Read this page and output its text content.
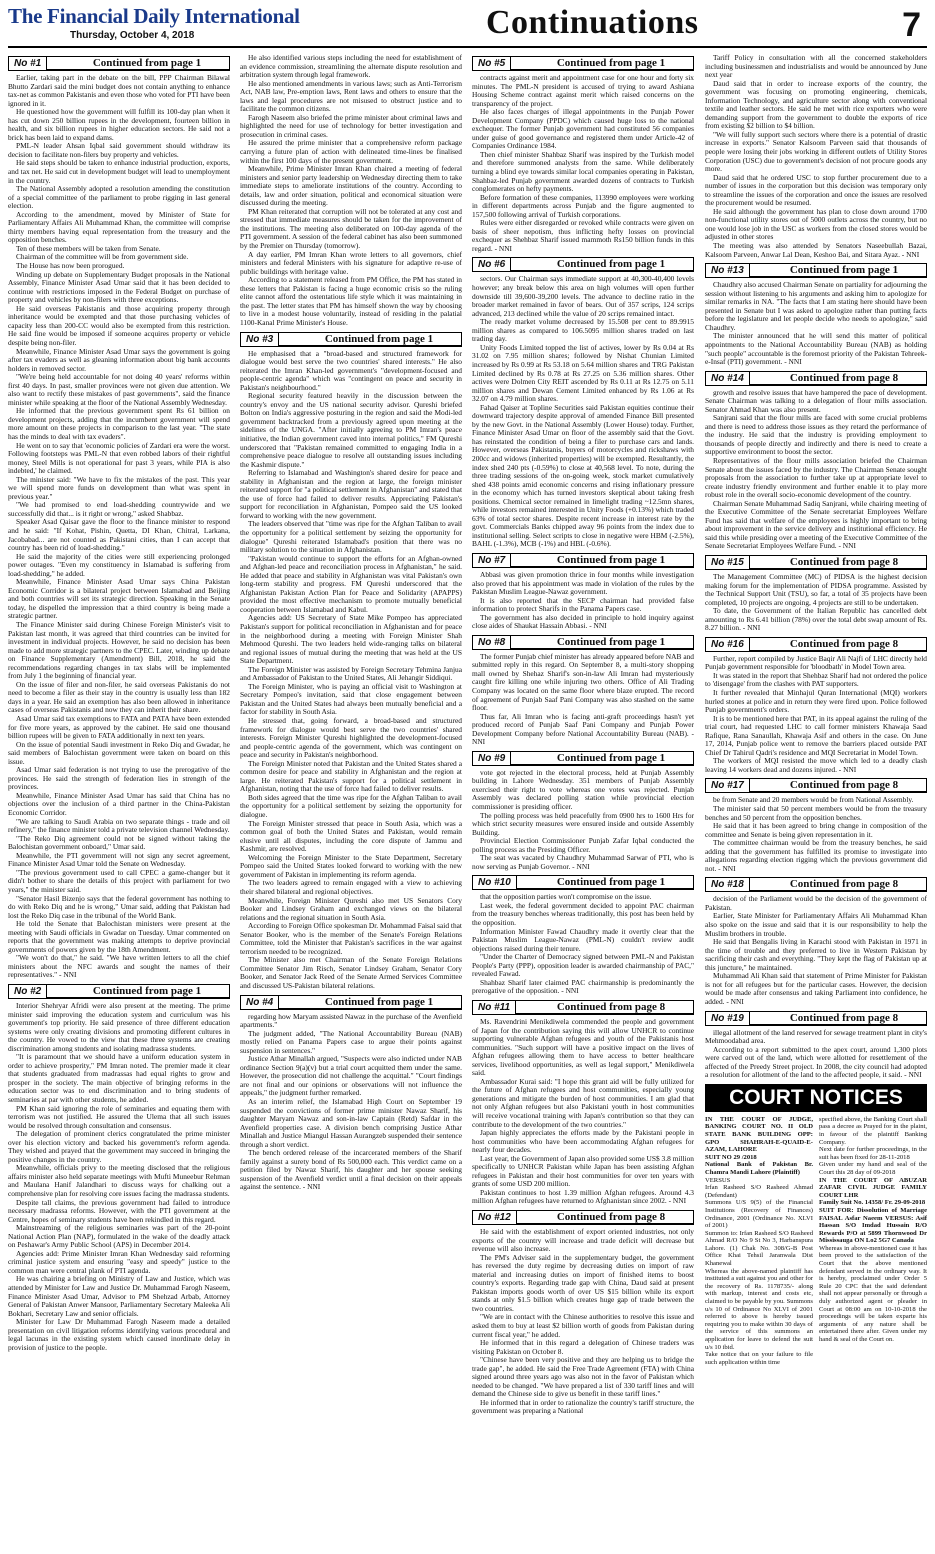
The Financial Daily International
Thursday, October 4, 2018	Continuations	7
No #1	Continued from page 1

Earlier, taking part in the debate on the bill, PPP Chairman Bilawal Bhutto Zardari said the mini budget does not contain anything to enhance tax-net as common Pakistanis and even those who voted for PTI have been ignored in it.

He questioned how the government will fulfill its 100-day plan when it has cut down 250 billion rupees in the development, fourteen billion in health, and six billion rupees in higher education sectors. He said not a brick has been laid to expand dams.

PML-N leader Ahsan Iqbal said government should withdraw its decision to facilitate non-filers buy property and vehicles.

He said steps should be taken to enhance industrial production, exports, and tax net. He said cut in development budget will lead to unemployment in the country.

The National Assembly adopted a resolution amending the constitution of a special committee of the parliament to probe rigging in last general election.

According to the amendment, moved by Minister of State for Parliamentary Affairs Ali Muhammad Khan, the committee will comprise thirty members having equal representation from the treasury and the opposition benches.

Ten of these members will be taken from Senate.

Chairman of the committee will be from government side.

The House has now been prorogued.

Winding up debate on Supplementary Budget proposals in the National Assembly, Finance Minister Asad Umar said that it has been decided to continue with restrictions imposed in the Federal Budget on purchase of property and vehicles by non-filers with three exceptions.

He said overseas Pakistanis and those acquiring property through inheritance would be exempted and that those purchasing vehicles of capacity less than 200-CC would also be exempted from this restriction. He said fine would be imposed if someone acquires property or vehicle despite being non-filer.

Meanwhile, Finance Minister Asad Umar says the government is going after tax evaders as well as gleaning information about big bank accounts holders in removed sector.

"We're being held accountable for not doing 40 years' reforms within first 40 days. In past, smaller provinces were not given due attention. We also want to rectify these mistakes of past governments", said the finance minister while speaking at the floor of the National Assembly Wednesday.

He informed that the previous government spent Rs 61 billion on development projects, adding that the incumbent government will spend more amount on these projects in comparison to the last year. "The state has the minds to deal with tax evaders".

He went on to say that 'economic policies of Zardari era were the worst. Following footsteps was PML-N that even robbed labors of their rightful money, Steel Mills is not operational for past 3 years, while PIA is also indebted,' he claimed.

The minister said: "We have to fix the mistakes of the past. This year we will spend more funds on development than what was spent in previous year."

"We had promised to end load-shedding countrywide and we successfully did that... is it right or wrong," asked Shabbaz.

Speaker Asad Qaisar gave the floor to the finance minister to respond and he said: "If Kohat, Pishin, Quetta, DI Khan, Chitral, Larkana, Jacobabad... are not counted as Pakistani cities, than I can accept that country has been rid of load-shedding."

He said the majority of the cities were still experiencing prolonged power outages. "Even my constituency in Islamabad is suffering from load-shedding," he added.

Meanwhile, Finance Minister Asad Umar says China Pakistan Economic Corridor is a bilateral project between Islamabad and Beijing and both countries will set its strategic direction. Speaking in the Senate today, he dispelled the impression that a third country is being made a strategic partner.

The Finance Minister said during Chinese Foreign Minister's visit to Pakistan last month, it was agreed that third countries can be invited for investment in individual projects. However, he said no decision has been made to add more strategic partners to the CPEC. Later, winding up debate on Finance Supplementary (Amendment) Bill, 2018, he said the recommendations regarding changes in tax slabs will be implemented from July 1 the beginning of financial year.

On the issue of filer and non-filer, he said overseas Pakistanis do not need to become a filer as their stay in the country is usually less than 182 days in a year. He said an exemption has also been allowed in inheritance cases of overseas Pakistanis and now they can inherit their share.

Asad Umar said tax exemptions to FATA and PATA have been extended for five more years, as approved by the cabinet. He said one thousand billion rupees will be given to FATA additionally in next ten years.

On the issue of potential Saudi investment in Reko Diq and Gwadar, he said members of Balochistan government were taken on board on this issue.

Asad Umar said federation is not trying to use the prerogative of the provinces. He said the strength of federation lies in strength of the provinces.

Meanwhile, Finance Minister Asad Umar has said that China has no objections over the inclusion of a third partner in the China-Pakistan Economic Corridor.

"We are talking to Saudi Arabia on two separate things - trade and oil refinery," the finance minister told a private television channel Wednesday.

"The Reko Diq agreement could not be signed without taking the Balochistan government onboard," Umar said.

Meanwhile, the PTI government will not sign any secret agreement, Finance Minister Asad Umar told the Senate on Wednesday.

"The previous government used to call CPEC a game-changer but it didn't bother to share the details of this project with parliament for two years," the minister said.

"Senator Hasil Bizenjo says that the federal government has nothing to do with Reko Diq and he is wrong," Umar said, adding that Pakistan had lost the Reko Diq case in the tribunal of the World Bank.

He told the Senate that Balochistan ministers were present at the meeting with Saudi officials in Gwadar on Tuesday. Umar commented on reports that the government was making attempts to deprive provincial governments of powers given by the 18th Amendment.

"We won't do that," he said. "We have written letters to all the chief ministers about the NFC awards and sought the names of their representatives." - NNI

No #2	Continued from page 1

Interior Shehryar Afridi were also present at the meeting. The prime minister said improving the education system and curriculum was his government's top priority. He said presence of three different education systems were only creating divisions and promoting different cultures in the country. He vowed to the view that these three systems are creating discrimination among students and isolating madrassa students.

"It is paramount that we should have a uniform education system in order to achieve prosperity," PM Imran noted. The premier made it clear that students graduated from madrassas had equal rights to grow and prosper in the society. The main objective of bringing reforms in the education sector was to end discrimination and to bring students of seminaries at par with other students, he added.

PM Khan said ignoring the role of seminaries and equating them with terrorism was not justified. He assured the Ulema that all such issues would be resolved through consultation and consensus.

The delegation of prominent clerics congratulated the prime minister over his election victory and backed his government's reform agenda. They wished and prayed that the government may succeed in bringing the positive changes in the country.

Meanwhile, officials privy to the meeting disclosed that the religious affairs minister also held separate meetings with Mufti Muneebur Rehman and Maulana Hanif Jalandhari to discuss ways for chalking out a comprehensive plan for resolving core issues facing the madrassa students.

Despite tall claims, the previous government had failed to introduce necessary madrassa reforms. However, with the PTI government at the Centre, hopes of seminary students have been rekindled in this regard.

Mainstreaming of the religious seminaries was part of the 20-point National Action Plan (NAP), formulated in the wake of the deadly attack on Peshawar's Army Public School (APS) in December 2014.

Agencies add: Prime Minister Imran Khan Wednesday said reforming criminal justice system and ensuring "easy and speedy" justice to the common man were central plank of PTI agenda.

He was chairing a briefing on Ministry of Law and Justice, which was attended by Minister for Law and Justice Dr. Muhammad Farogh Naseem, Finance Minister Asad Umar, Advisor to PM Shehzad Arbab, Attorney General of Pakistan Anwer Mansoor, Parliamentary Secretary Maleeka Ali Bokhari, Secretary Law and senior officials.

Minister for Law Dr Muhammad Farogh Naseem made a detailed presentation on civil litigation reforms identifying various procedural and legal lacunas in the existing system which caused inordinate delay in provision of justice to the people.

He also identified various steps including the need for establishment of an evidence commission, streamlining the alternate dispute resolution and arbitration system through legal framework.

He also mentioned amendments in various laws; such as Anti-Terrorism Act, NAB law, Pre-emption laws, Rent laws and others to ensure that the laws and legal procedures are not misused to obstruct justice and to facilitate the common citizens.

Farogh Naseem also briefed the prime minister about criminal laws and highlighted the need for use of technology for better investigation and prosecution in criminal cases.

He assured the prime minister that a comprehensive reform package carrying a future plan of action with delineated time-lines be finalised within the first 100 days of the present government.

Meanwhile, Prime Minister Imran Khan chaired a meeting of federal ministers and senior party leadership on Wednesday directing them to take immediate steps to ameliorate institutions of the country. According to details, law and order situation, political and economical situation were discussed during the meeting.

PM Khan reiterated that corruption will not be tolerated at any cost and stressed that immediate measures should be taken for the improvement of the institutions. The meeting also deliberated on 100-day agenda of the PTI government. A session of the federal cabinet has also been summoned by the Premier on Thursday (tomorrow).

A day earlier, PM Imran Khan wrote letters to all governors, chief ministers and federal Ministers with his signature for adaptive re-use of public buildings with heritage value.

According to a statement released from PM Office, the PM has stated in these letters that Pakistan is facing a huge economic crisis so the ruling elite cannot afford the ostentatious life style which it was maintaining in the past. The letter states that PM has himself shown the way by choosing to live in a modest house voluntarily, instead of residing in the palatial 1100-Kanal Prime Minister's House.

No #3	Continued from page 1

He emphasised that a "broad-based and structured framework for dialogue would best serve the two countries' shared interests." He also reiterated the Imran Khan-led government's "development-focused and people-centric agenda" which was "contingent on peace and security in Pakistan's neighbourhood."

Regional security featured heavily in the discussion between the country's envoy and the US national security advisor. Qureshi briefed Bolton on India's aggressive posturing in the region and said the Modi-led government backtracked from a previously agreed upon meeting at the sidelines of the UNGA. "After initially agreeing to PM Imran's peace initiative, the Indian government caved into internal politics," FM Qureshi underscored that "Pakistan remained committed to engaging India in a comprehensive peace dialogue to resolve all outstanding issues including the Kashmir dispute."

Referring to Islamabad and Washington's shared desire for peace and stability in Afghanistan and the region at large, the foreign minister reiterated support for "a political settlement in Afghanistan" and stated that the use of force had failed to deliver results. Appreciating Pakistan's support for reconciliation in Afghanistan, Pompeo said the US looked forward to working with the new government.

The leaders observed that "time was ripe for the Afghan Taliban to avail the opportunity for a political settlement by seizing the opportunity for dialogue" Qureshi reiterated Islamabad's position that there was no military solution to the situation in Afghanistan.

"Pakistan would continue to support the efforts for an Afghan-owned and Afghan-led peace and reconciliation process in Afghanistan," he said. He added that peace and stability in Afghanistan was vital Pakistan's own long-term stability and progress. FM Qureshi underscored that the Afghanistan Pakistan Action Plan for Peace and Solidarity (APAPPS) provided the most effective mechanism to promote mutually beneficial cooperation between Islamabad and Kabul.

Agencies add: US Secretary of State Mike Pompeo has appreciated Pakistan's support for political reconciliation in Afghanistan and for peace in the neighborhood during a meeting with Foreign Minister Shah Mehmood Qureshi. The two leaders held wide-ranging talks on bilateral and regional issues of mutual during the meeting that was held at the US State Department.

The Foreign Minister was assisted by Foreign Secretary Tehmina Janjua and Ambassador of Pakistan to the United States, Ali Jehangir Siddiqui.

The Foreign Minister, who is paying an official visit to Washington at Secretary Pompeo's invitation, said that close engagement between Pakistan and the United States had always been mutually beneficial and a factor for stability in South Asia.

He stressed that, going forward, a broad-based and structured framework for dialogue would best serve the two countries' shared interests. Foreign Minister Qureshi highlighted the development-focused and people-centric agenda of the government, which was contingent on peace and security in Pakistan's neighborhood.

The Foreign Minister noted that Pakistan and the United States shared a common desire for peace and stability in Afghanistan and the region at large. He reiterated Pakistan's support for a political settlement in Afghanistan, noting that the use of force had failed to deliver results.

Both sides agreed that the time was ripe for the Afghan Taliban to avail the opportunity for a political settlement by seizing the opportunity for dialogue.

The Foreign Minister stressed that peace in South Asia, which was a common goal of both the United States and Pakistan, would remain elusive until all disputes, including the core dispute of Jammu and Kashmir, are resolved.

Welcoming the Foreign Minister to the State Department, Secretary Pompeo said the United States looked forward to working with the new government of Pakistan in implementing its reform agenda.

The two leaders agreed to remain engaged with a view to achieving their shared bilateral and regional objectives.

Meanwhile, Foreign Minister Qureshi also met US Senators Cory Booker and Lindsey Graham and exchanged views on the bilateral relations and the regional situation in South Asia.

According to Foreign Office spokesman Dr. Mohammad Faisal said that Senator Booker, who is the member of the Senate's Foreign Relations Committee, told the Minister that Pakistan's sacrifices in the war against terrorism needed to be recognized.

The Minister also met Chairman of the Senate Foreign Relations Committee Senator Jim Risch, Senator Lindsey Graham, Senator Cory Booker, and Senator Jack Reed of the Senate Armed Services Committee and discussed US-Pakistan bilateral relations.

No #4	Continued from page 1

regarding how Maryam assisted Nawaz in the purchase of the Avenfield apartments."

The judgment added, "The National Accountability Bureau (NAB) mostly relied on Panama Papers case to argue their points against suspension in sentences."

Justice Athar Minallah argued, "Suspects were also indicted under NAB ordinance Section 9(a)(v) but a trial court acquitted them under the same. However, the prosecution did not challenge the acquittal." "Court findings are not final and our opinions or observations will not influence the appeals," the judgment further remarked.

As an interim relief, the Islamabad High Court on September 19 suspended the convictions of former prime minister Nawaz Sharif, his daughter Maryam Nawaz and son-in-law Captain (Retd) Safdar in the Avenfield properties case. A division bench comprising Justice Athar Minallah and Justice Miangul Hassan Aurangzeb suspended their sentence through a short verdict.

The bench ordered release of the incarcerated members of the Sharif family against a surety bond of Rs 500,000 each. This verdict came on a petition filed by Nawaz Sharif, his daughter and her spouse seeking suspension of the Avenfield verdict until a final decision on their appeals against the sentence. - NNI

No #5	Continued from page 1

contracts against merit and appointment case for one hour and forty six minutes. The PML-N president is accused of trying to award Ashiana Housing Scheme contract against merit which raised concerns on the transparency of the project.

He also faces charges of illegal appointments in the Punjab Power Development Company (PPDC) which caused huge loss to the national exchequer. The former Punjab government had constituted 56 companies under guise of good governance and registered them under Article-42 of Companies Ordinance 1984.

Then chief minister Shahbaz Sharif was inspired by the Turkish model and therefore summoned analysts from the same. While deliberately turning a blind eye towards similar local companies operating in Pakistan, Shahbaz-led Punjab government awarded dozens of contracts to Turkish conglomerates on hefty payments.

Before formation of these companies, 113990 employees were working in different departments across Punjab and the figure augmented to 157,500 following arrival of Turkish corporations.

Rules were either disregarded or revoked while contracts were given on basis of sheer nepotism, thus inflicting hefty losses on provincial exchequer as Shehbaz Sharif issued mammoth Rs150 billion funds in this regard. - NNI

No #6	Continued from page 1

sectors. Our Chairman says immediate support at 40,300-40,400 levels however; any break below this area on high volumes will open further downside till 39,600-39,200 levels. The advance to decline ratio in the broader market remained in favor of bears. Out of 357 scrips, 124 scrips advanced, 213 declined while the value of 20 scrips remained intact.

The ready market volume decreased by 15.508 per cent to 89.9915 million shares as compared to 106.5095 million shares traded on last trading day.

Unity Foods Limited topped the list of actives, lower by Rs 0.04 at Rs 31.02 on 7.95 million shares; followed by Nishat Chunian Limited increased by Rs 0.99 at Rs 53.18 on 5.64 million shares and TRG Pakistan Limited declined by Rs 0.78 at Rs 27.25 on 5.36 million shares. Other actives were Dolmen City REIT ascended by Rs 0.11 at Rs 12.75 on 5.11 million shares and Dewan Cement Limited enhanced by Rs 1.06 at Rs 32.07 on 4.79 million shares.

Fahad Qaiser at Topline Securities said Pakistan equities continue their downward trajectory despite approval of amended Finance Bill presented by the new Govt. in the National Assembly (Lower House) today. Further, Finance Minister Asad Umar on floor of the assembly said that the Govt. has reinstated the condition of being a filer to purchase cars and lands. However, overseas Pakistanis, buyers of motorcycles and rickshaws with 200cc and widows (inherited properties) will be exempted. Resultantly, the index shed 240 pts (-0.59%) to close at 40,568 level. To note, during the three trading sessions of the on-going week, stock market cumulatively shed 438 points amid economic concerns and rising inflationary pressure in the economy which has turned investors skeptical about taking fresh positions. Chemical sector remained in limelight trading ~12.5mn shares, while investors remained interested in Unity Foods (+0.13%) which traded 63% of total sector shares. Despite recent increase in interest rate by the govt. Commercials Banks chipped away 96 points from the index due to institutional selling. Select scripts to close in negative were HBM (-2.5%), BAHL (-1.3%), MCB (-1%) and HBL (-0.6%).

No #7	Continued from page 1

Abbasi was given promotion thrice in four months while investigation also proved that his appointment was made in violation of the rules by the Pakistan Muslim League-Nawaz government.

It is also reported that the SECP chairman had provided false information to protect Sharifs in the Panama Papers case.

The government has also decided in principle to hold inquiry against close aides of Shaukat Hassain Abbasi. - NNI

No #8	Continued from page 1

The former Punjab chief minister has already appeared before NAB and submitted reply in this regard. On September 8, a multi-story shopping mall owned by Shehaz Sharif's son-in-law Ali Imran had mysteriously caught fire killing one while injuring two others. Office of Ali Trading Company was located on the same floor where blaze erupted. The record of agreement of Punjab Saaf Pani Company was also stashed on the same floor.

Thus far, Ali Imran who is facing anti-graft proceedings hasn't yet produced record of Punjab Saaf Pani Company and Punjab Power Development Company before National Accountability Bureau (NAB). - NNI

No #9	Continued from page 1

vote got rejected in the electoral process, held at Punjab Assembly building in Lahore Wednesday. 351 members of Punjab Assembly exercised their right to vote whereas one votes was rejected. Punjab Assembly was declared polling station while provincial election commissioner is presiding officer.

The polling process was held peacefully from 0900 hrs to 1600 Hrs for which strict security measures were ensured inside and outside Assembly Building.

Provincial Election Commissioner Punjab Zafar Iqbal conducted the polling process as the Presiding Officer.

The seat was vacated by Chaudhry Muhammad Sarwar of PTI, who is now serving as Punjab Governor. - NNI

No #10	Continued from page 1

that the opposition parties won't compromise on the issue.

Last week, the federal government decided to appoint PAC chairman from the treasury benches whereas traditionally, this post has been held by the opposition.

Information Minister Fawad Chaudhry made it overtly clear that the Pakistan Muslim League-Nawaz (PML-N) couldn't review audit objections raised during their tenure.

"Under the Charter of Democracy signed between PML-N and Pakistan People's Party (PPP), opposition leader is awarded chairmanship of PAC," revealed Fawad.

Shahbaz Sharif later claimed PAC chairmanship is predominantly the prerogative of the opposition. - NNI

No #11	Continued from page 8

Ms. Ravendrini Menikdiwela commended the people and government of Japan for the contribution saying this will allow UNHCR to continue supporting vulnerable Afghan refugees and youth of the Pakistanis host communities. "Such support will have a positive impact on the lives of Afghan refugees allowing them to have access to better healthcare services, livelihood opportunities, as well as legal support," Menikdiwela said.

Ambassador Kurai said: "I hope this grant aid will be fully utilized for the future of Afghan refugees and host communities, especially young generations and mitigate the burden of host communities. I am glad that not only Afghan refugees but also Pakistani youth in host communities will receive vocational training with Japan's contribution so that they can contribute to the development of the two countries."

Japan highly appreciates the efforts made by the Pakistani people in host communities who have been accommodating Afghan refugees for nearly four decades.

Last year, the Government of Japan also provided some US$ 3.8 million specifically to UNHCR Pakistan while Japan has been assisting Afghan refugees in Pakistan and their host communities for over ten years with grants of some USD 200 million.

Pakistan continues to host 1.39 million Afghan refugees. Around 4.3 million Afghan refugees have returned to Afghanistan since 2002. - NNI

No #12	Continued from page 8

He said with the establishment of export oriented industries, not only exports of the country will increase and trade deficit will decrease but revenue will also increase.

The PM's Adviser said in the supplementary budget, the government has reversed the duty regime by decreasing duties on import of raw material and increasing duties on import of finished items to boost country's exports. Regarding trade gap with China, Daud said at present Pakistan imports goods worth of over US $15 billion while its export stands at only $1.5 billion which creates huge gap of trade between the two countries.

"We are in contact with the Chinese authorities to resolve this issue and asked them to buy at least $2 billion worth of goods from Pakistan during current fiscal year," he added.

He informed that in this regard a delegation of Chinese traders was visiting Pakistan on October 8.

"Chinese have been very positive and they are helping us to bridge the trade gap", he added. He said the Free Trade Agreement (FTA) with China signed around three years ago was also not in the favor of Pakistan which needed to be changed. "We have prepared a list of 330 tariff lines and will demand the Chinese side to give us benefit in these tariff lines."

He informed that in order to rationalize the country's tariff structure, the government was preparing a National

Tariff Policy in consultation with all the concerned stakeholders including businessmen and industrialists and would be announced by June next year

Daud said that in order to increase exports of the country, the government was focusing on promoting engineering, chemicals, Information Technology, and agriculture sector along with conventional textile and leather sectors. He said he met with rice exporters who were demanding support from the government to double the exports of rice from existing $2 billion to $4 billion.

"We will fully support such sectors where there is a potential of drastic increase in exports." Senator Kalsoom Parveen said that thousands of people were losing their jobs working in different outlets of Utility Stores Corporation (USC) due to government's decision of not procure goods any more.

Daud said that he ordered USC to stop further procurement due to a number of issues in the corporation but this decision was temporary only to streamline the issues of the corporation and once the issues are resolved the procurement would be resumed.

He said although the government has plan to close down around 1700 non-functional utility stores out of 5000 outlets across the country, but no one would lose job in the USC as workers from the closed stores would be adjusted in other stores

The meeting was also attended by Senators Naseebullah Bazai, Kalsoom Parveen, Anwar Lal Dean, Keshoo Bai, and Sitara Ayaz. - NNI

No #13	Continued from page 1

Chaudhry also accused Chairman Senate on partiality for adjourning the session without listening to his arguments and asking him to apologize for similar remarks in NA. "The facts that I am stating here should have been presented in Senate but I was asked to apologize rather than putting facts before the legislature and let people decide who needs to apologize," said Chaudhry.

The minister announced that he will send this matter of political appointments to the National Accountability Bureau (NAB) as holding "such people" accountable is the foremost priority of the Pakistan Tehreek-e-Insaf (PTI) government. - NNI

No #14	Continued from page 8

growth and resolve issues that have hampered the pace of development. Senate Chairman was talking to a delegation of flour mills association. Senator Ahmad Khan was also present.

Sanjrani said that the flour mills are faced with some crucial problems and there is need to address those issues as they retard the performance of the industry. He said that the industry is providing employment to thousands of people directly and indirectly and there is need to create a supportive environment to boost the sector.

Representatives of the flour mills association briefed the Chairman Senate about the issues faced by the industry. The Chairman Senate sought proposals from the association to further take up at appropriate level to create industry friendly environment and further enable it to play more robust role in the overall socio-economic development of the country.

Chairman Senate Muhammad Sadiq Sanjrani, while chairing meeting of the Executive Committee of the Senate secretariat Employees Welfare Fund has said that welfare of the employees is highly important to bring about improvement in the service delivery and institutional efficiency. He said this while presiding over a meeting of the Executive Committee of the Senate Secretariat Employees Welfare Fund. - NNI

No #15	Continued from page 8

The Management Committee (MC) of PIDSA is the highest decision making forum for the implementation of PIDSA programme. Assisted by the Technical Support Unit (TSU), so far, a total of 35 projects have been completed, 10 projects are ongoing, 4 projects are still to be undertaken.

To date, the Government of the Italian Republic has cancelled debt amounting to Rs 6.41 billion (78%) over the total debt swap amount of Rs. 8.27 billion. - NNI

No #16	Continued from page 8

Further, report compiled by Justice Baqir Ali Najfi of LHC directly held Punjab government responsible for 'bloodbath' in Model Town area.

It was stated in the report that Shehbaz Sharif had not ordered the police to 'disengage' from the clashes with PAT supporters.

It further revealed that Minhajul Quran International (MQI) workers hurled stones at police and in return they were fired upon. Police followed Punjab government's orders.

It is to be mentioned here that PAT, in its appeal against the ruling of the trial court, had requested LHC to call former ministers Khawaja Saad Rafique, Rana Sanaullah, Khawaja Asif and others in the case. On June 17, 2014, Punjab police went to remove the barriers placed outside PAT Chief Dr Tahirul Qadri's residence and MQI Secretariat in Model Town.

The workers of MQI resisted the move which led to a deadly clash leaving 14 workers dead and dozens injured. - NNI

No #17	Continued from page 8

be from Senate and 20 members would be from National Assembly.

The minister said that 50 percent members would be from the treasury benches and 50 percent from the opposition benches.

He said that it has been agreed to bring change in composition of the committee and Senate is being given representation in it.

The committee chairman would be from the treasury benches, he said adding that the government has fulfilled its promise to investigate into allegations regarding election rigging which the previous government did not. - NNI

No #18	Continued from page 8

decision of the Parliament would be the decision of the government of Pakistan.

Earlier, State Minister for Parliamentary Affairs Ali Muhammad Khan also spoke on the issue and said that it is our responsibility to help the Muslim brothers in trouble.

He said that Bengalis living in Karachi stood with Pakistan in 1971 in the time of trouble and they preferred to live in Western Pakistan by sacrificing their cash and everything. "They kept the flag of Pakistan up at this juncture," he maintained.

Muhammad Ali Khan said that statement of Prime Minister for Pakistan is not for all refugees but for the particular cases. However, the decision would be made after consensus and taking Parliament into confidence, he added. - NNI

No #19	Continued from page 8

illegal allotment of the land reserved for sewage treatment plant in city's Mehmoodabad area.

According to a report submitted to the apex court, around 1,300 plots were carved out of the land, which were allotted for resettlement of the affected of the Preedy Street project. In 2008, the city council had adopted a resolution for allotment of the land to the affected people, it said. - NNI

COURT NOTICES
IN THE COURT OF JUDGE, BANKING COURT NO. II OLD STATE BANK BUILDING OPP: GPO SHAHRAH-E-QUAID-E-AZAM, LAHORE
SUIT NO 29 /2018
National Bank of Pakistan Br. Chamra Mandi Lahore (Plaintiff)
VERSUS
Irfan Rasheed S/O Rasheed Ahmad (Defendant)
Summons U/S 9(5) of the Financial Institutions (Recovery of Finances) Ordinance, 2001 (Ordinance No. XLVI of 2001)
Summon to: Irfan Rasheed S/O Rasheed Ahmad R/O No 9 St No 3, Harbanspura Lahore. (1) Chak No. 308/G-B Post Office Khai Tehsil Jaranwala Dist Khanewal
Whereas the above-named plaintiff has instituted a suit against you and other for the recovery of Rs. 1178735/- along with markup, interest and costs etc, claimed to be payable by you. Summons u/s 10 of Ordinance No XLVI of 2001 referred to above is hereby issued requiring you to make within 30 days of the service of this summons an application for leave to defend the suit u/s 10 ibid.
Take notice that on your failure to file such application within time
specified above, the Banking Court shall pass a decree as Prayed for in the plaint, in favour of the plaintiff Banking Company.
Next date for further proceedings, in the suit has been fixed for 28-11-2018
Given under my hand and seal of the Court this 28 day of 09-2018
IN THE COURT OF ABUZAR ZAFAR CIVIL JUDGE FAMILY COURT LHR
Family Suit No. 14358/ Fr. 29-09-2018
SUIT FOR: Dissolution of Marriage FAISAL Asfar Naeem VERSUS: Asif Hassan S/O Imdad Hussain R/O Rewards P/O at 5899 Thornwood Dr Mississauga ON Lo2 5G7 Canada
Whereas in above-mentioned case it has been proved to the satisfaction of the Court that the above mentioned defendant served in the ordinary way. It is hereby, proclaimed under Order 5 Rule 20 CPC that the said defendant shall not appear personally or through a duly authorized agent or pleader in Court at 08:00 am on 10-10-2018 the proceedings will be taken exparte his arguments of any nature shall be entertained there after. Given under my hand & seal of the Court on.
